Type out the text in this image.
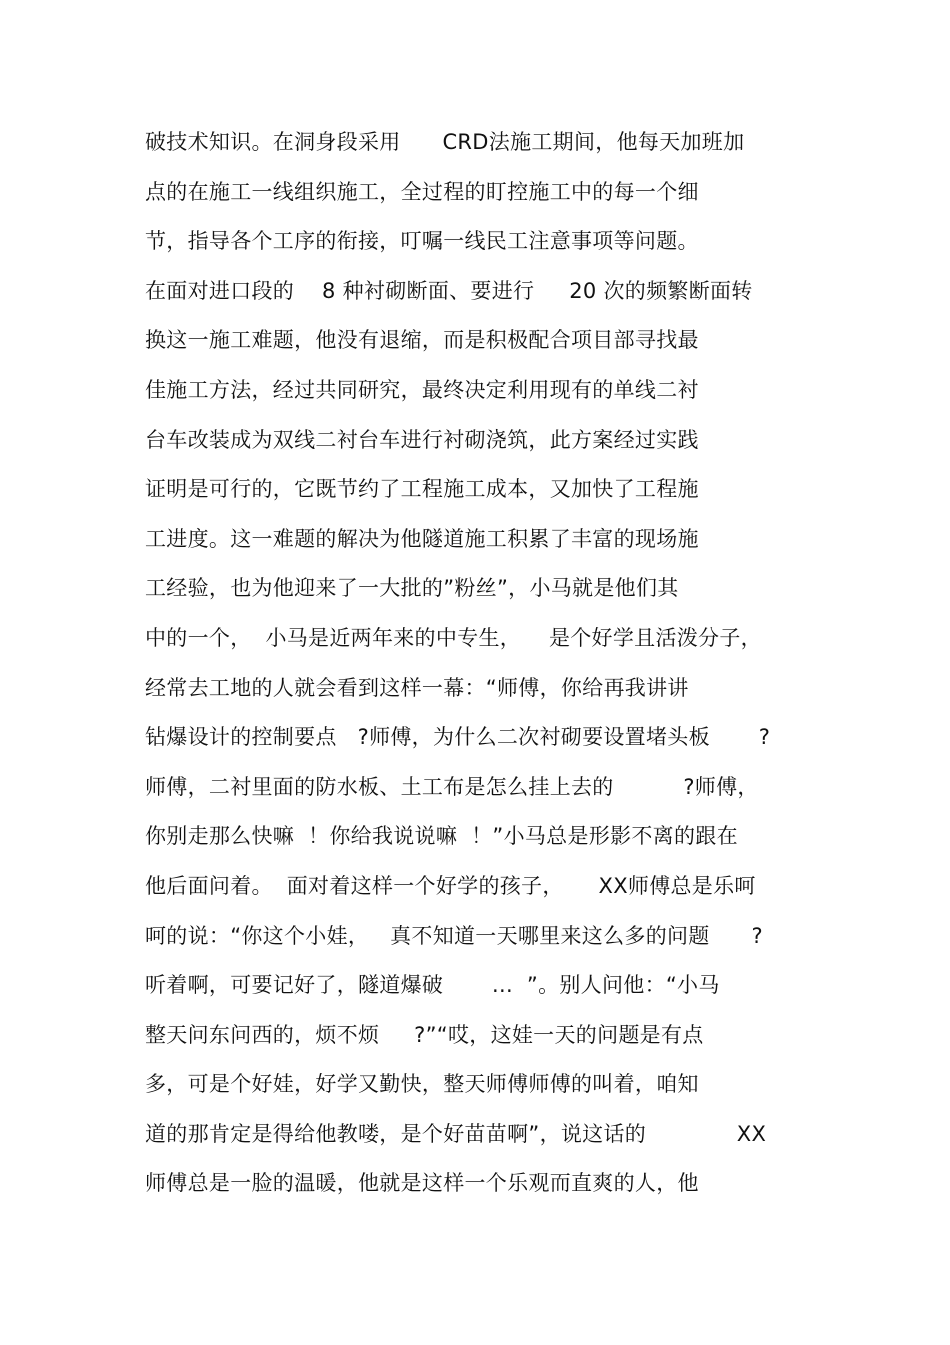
破技术知识。在洞身段采用      CRD法施工期间，他每天加班加
点的在施工一线组织施工，全过程的盯控施工中的每一个细
节，指导各个工序的衔接，叮嘱一线民工注意事项等问题。
在面对进口段的    8 种衬砌断面、要进行     20 次的频繁断面转
换这一施工难题，他没有退缩，而是积极配合项目部寻找最
佳施工方法，经过共同研究，最终决定利用现有的单线二衬
台车改装成为双线二衬台车进行衬砌浇筑，此方案经过实践
证明是可行的，它既节约了工程施工成本，又加快了工程施
工进度。这一难题的解决为他隧道施工积累了丰富的现场施
工经验，也为他迎来了一大批的”粉丝”，小马就是他们其
中的一个，  小马是近两年来的中专生，    是个好学且活泼分子，
经常去工地的人就会看到这样一幕：“师傅，你给再我讲讲
钻爆设计的控制要点   ?师傅，为什么二次衬砌要设置堵头板       ?
师傅，二衬里面的防水板、土工布是怎么挂上去的          ?师傅，
你别走那么快嘛  ！你给我说说嘛  ！”小马总是形影不离的跟在
他后面问着。  面对着这样一个好学的孩子，     XX师傅总是乐呵
呵的说：“你这个小娃，   真不知道一天哪里来这么多的问题      ?
听着啊，可要记好了，隧道爆破       ...  ”。别人问他：“小马
整天问东问西的，烦不烦     ?”“哎，这娃一天的问题是有点
多，可是个好娃，好学又勤快，整天师傅师傅的叫着，咱知
道的那肯定是得给他教喽，是个好苗苗啊”，说这话的             XX
师傅总是一脸的温暖，他就是这样一个乐观而直爽的人，他
